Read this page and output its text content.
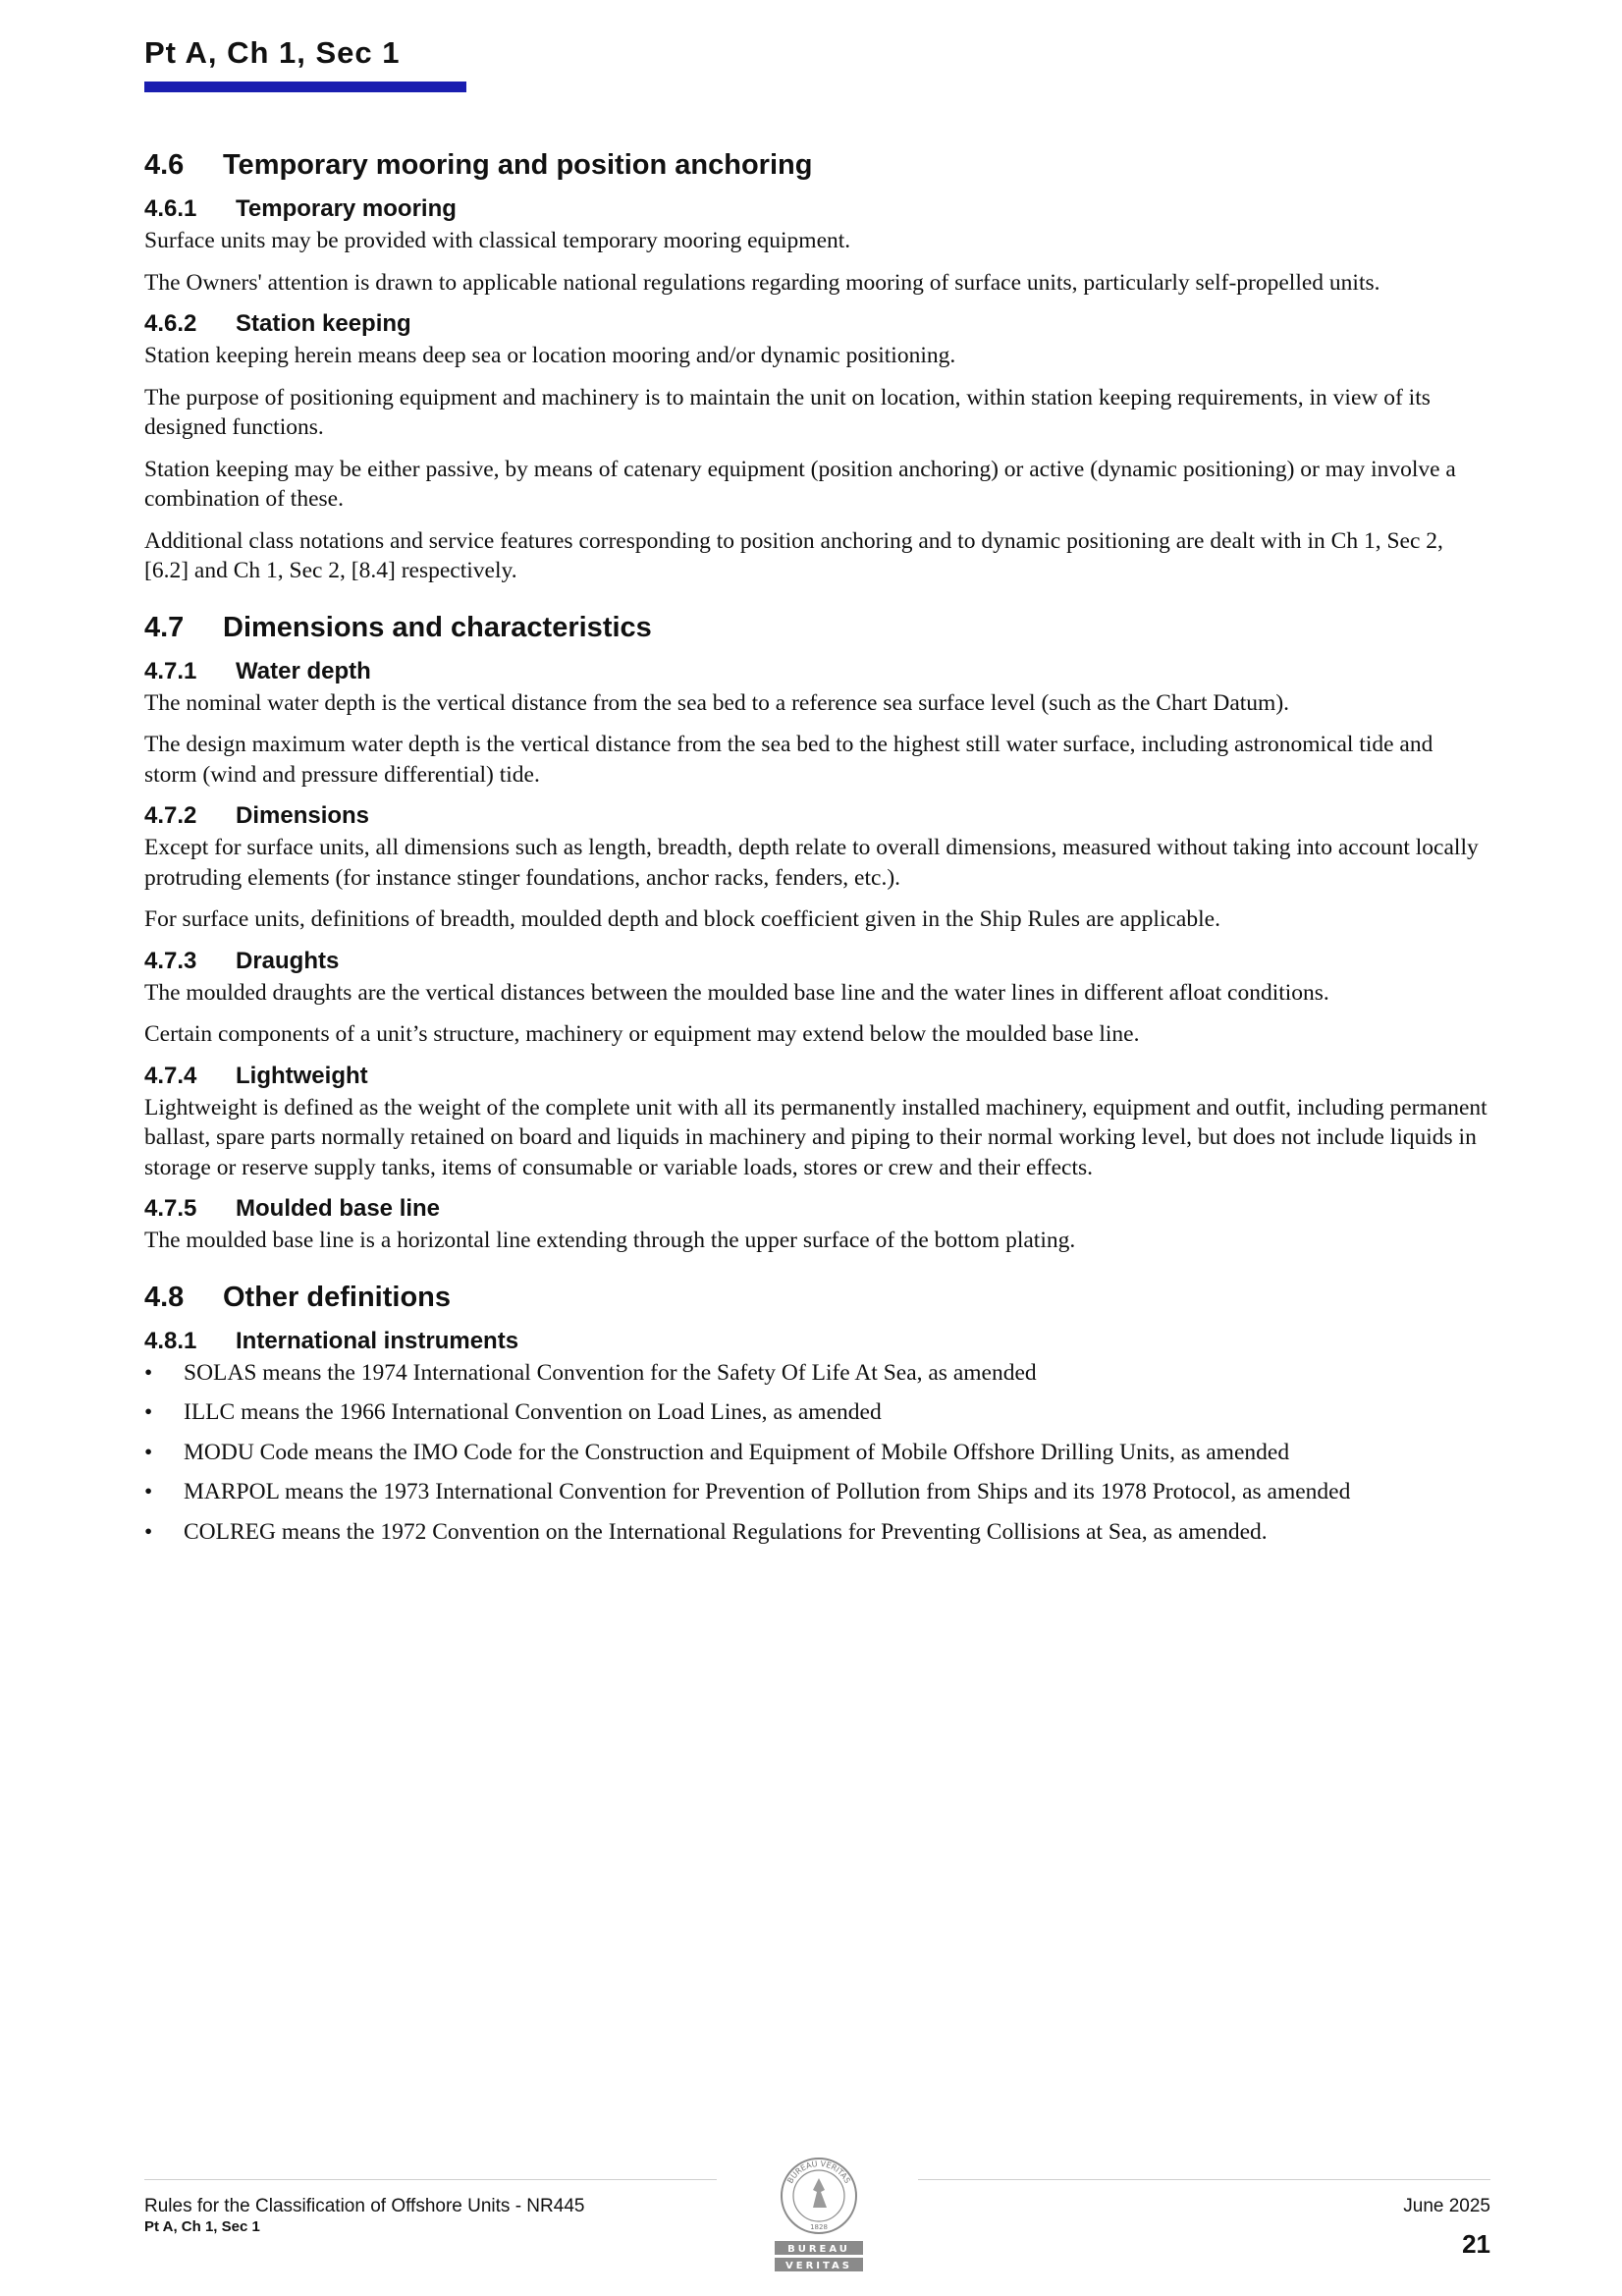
Pt A, Ch 1, Sec 1
4.6 Temporary mooring and position anchoring
4.6.1 Temporary mooring

Surface units may be provided with classical temporary mooring equipment.

The Owners' attention is drawn to applicable national regulations regarding mooring of surface units, particularly self-propelled units.

4.6.2 Station keeping

Station keeping herein means deep sea or location mooring and/or dynamic positioning.

The purpose of positioning equipment and machinery is to maintain the unit on location, within station keeping requirements, in view of its designed functions.

Station keeping may be either passive, by means of catenary equipment (position anchoring) or active (dynamic positioning) or may involve a combination of these.

Additional class notations and service features corresponding to position anchoring and to dynamic positioning are dealt with in Ch 1, Sec 2, [6.2] and Ch 1, Sec 2, [8.4] respectively.

4.7 Dimensions and characteristics
4.7.1 Water depth

The nominal water depth is the vertical distance from the sea bed to a reference sea surface level (such as the Chart Datum).

The design maximum water depth is the vertical distance from the sea bed to the highest still water surface, including astronomical tide and storm (wind and pressure differential) tide.

4.7.2 Dimensions

Except for surface units, all dimensions such as length, breadth, depth relate to overall dimensions, measured without taking into account locally protruding elements (for instance stinger foundations, anchor racks, fenders, etc.).

For surface units, definitions of breadth, moulded depth and block coefficient given in the Ship Rules are applicable.

4.7.3 Draughts

The moulded draughts are the vertical distances between the moulded base line and the water lines in different afloat conditions.

Certain components of a unit’s structure, machinery or equipment may extend below the moulded base line.

4.7.4 Lightweight

Lightweight is defined as the weight of the complete unit with all its permanently installed machinery, equipment and outfit, including permanent ballast, spare parts normally retained on board and liquids in machinery and piping to their normal working level, but does not include liquids in storage or reserve supply tanks, items of consumable or variable loads, stores or crew and their effects.

4.7.5 Moulded base line

The moulded base line is a horizontal line extending through the upper surface of the bottom plating.

4.8 Other definitions
4.8.1 International instruments
• SOLAS means the 1974 International Convention for the Safety Of Life At Sea, as amended
• ILLC means the 1966 International Convention on Load Lines, as amended
• MODU Code means the IMO Code for the Construction and Equipment of Mobile Offshore Drilling Units, as amended
• MARPOL means the 1973 International Convention for Prevention of Pollution from Ships and its 1978 Protocol, as amended
• COLREG means the 1972 Convention on the International Regulations for Preventing Collisions at Sea, as amended.
Rules for the Classification of Offshore Units - NR445
Pt A, Ch 1, Sec 1
BUREAU VERITAS
1828
BUREAU
VERITAS
June 2025
21
